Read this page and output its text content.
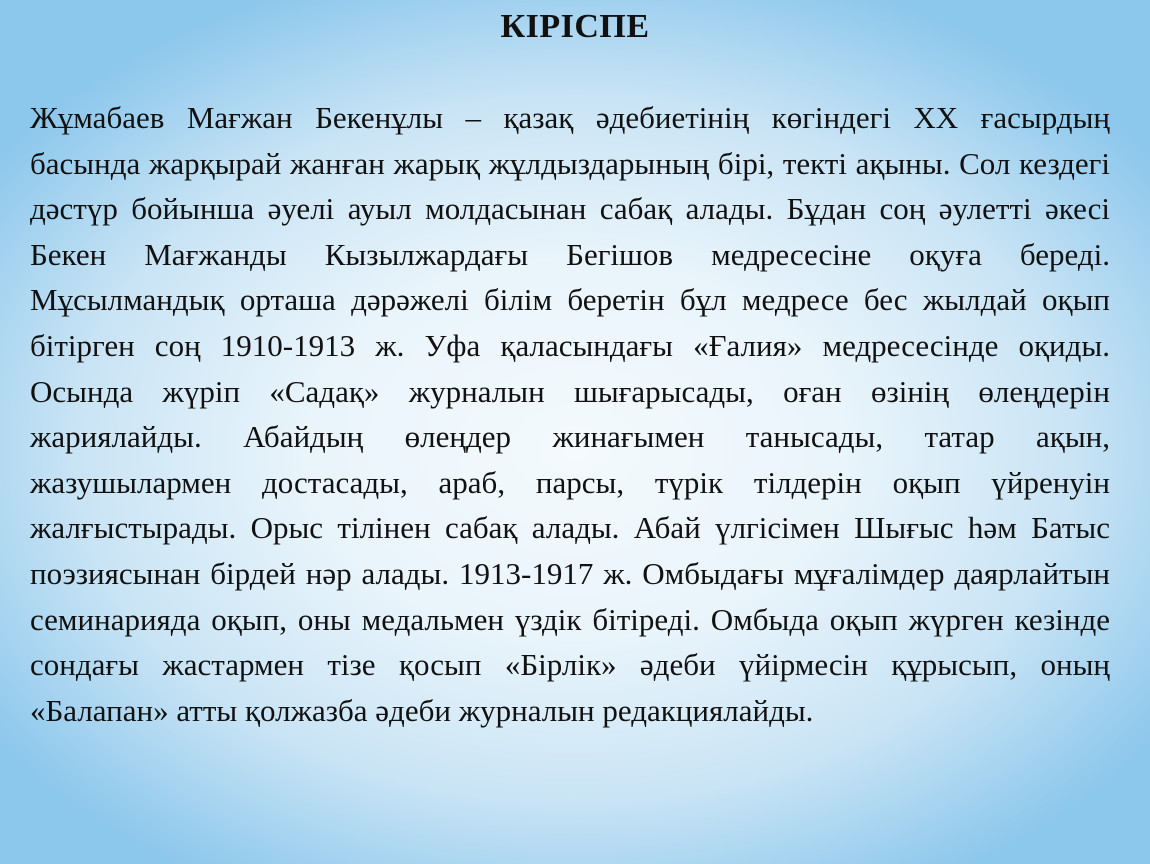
КІРІСПЕ

Жұмабаев Мағжан Бекенұлы – қазақ әдебиетінің көгіндегі ХХ ғасырдың басында жарқырай жанған жарық жұлдыздарының бірі, текті ақыны. Сол кездегі дәстүр бойынша әуелі ауыл молдасынан сабақ алады. Бұдан соң әулетті әкесі Бекен Мағжанды Кызылжардағы Бегішов медресесіне оқуға береді. Мұсылмандық орташа дәрәжелі білім беретін бұл медресе бес жылдай оқып бітірген соң 1910-1913 ж. Уфа қаласындағы «Ғалия» медресесінде оқиды. Осында жүріп «Садақ» журналын шығарысады, оған өзінің өлеңдерін жариялайды. Абайдың өлеңдер жинағымен танысады, татар ақын, жазушылармен достасады, араб, парсы, түрік тілдерін оқып үйренуін жалғыстырады. Орыс тілінен сабақ алады. Абай үлгісімен Шығыс һәм Батыс поэзиясынан бірдей нәр алады. 1913-1917 ж. Омбыдағы мұғалімдер даярлайтын семинарияда оқып, оны медальмен үздік бітіреді. Омбыда оқып жүрген кезінде сондағы жастармен тізе қосып «Бірлік» әдеби үйірмесін құрысып, оның «Балапан» атты қолжазба әдеби журналын редакциялайды.
